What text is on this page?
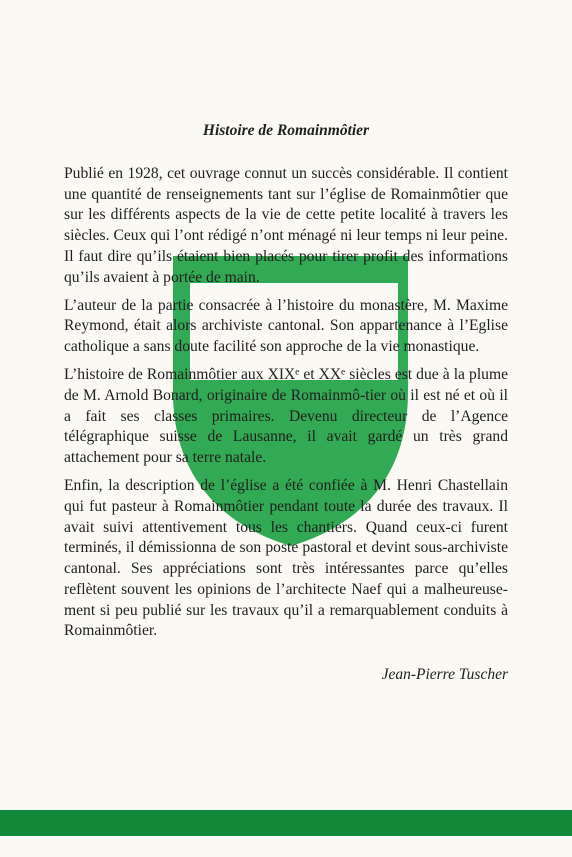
Histoire de Romainmôtier

Publié en 1928, cet ouvrage connut un succès considérable. Il contient une quantité de renseignements tant sur l’église de Romainmôtier que sur les différents aspects de la vie de cette petite localité à travers les siècles. Ceux qui l’ont rédigé n’ont ménagé ni leur temps ni leur peine. Il faut dire qu’ils étaient bien placés pour tirer profit des informations qu’ils avaient à portée de main.

L’auteur de la partie consacrée à l’histoire du monastère, M. Maxime Reymond, était alors archiviste cantonal. Son appartenance à l’Eglise catholique a sans doute facilité son approche de la vie monastique.

L’histoire de Romainmôtier aux XIXᵉ et XXᵉ siècles est due à la plume de M. Arnold Bonard, originaire de Romainmô-tier où il est né et où il a fait ses classes primaires. Devenu directeur de l’Agence télégraphique suisse de Lausanne, il avait gardé un très grand attachement pour sa terre natale.

Enfin, la description de l’église a été confiée à M. Henri Chastellain qui fut pasteur à Romainmôtier pendant toute la durée des travaux. Il avait suivi attentivement tous les chantiers. Quand ceux-ci furent terminés, il démissionna de son poste pastoral et devint sous-archiviste cantonal. Ses appréciations sont très intéressantes parce qu’elles reflètent souvent les opinions de l’architecte Naef qui a malheureuse-ment si peu publié sur les travaux qu’il a remarquablement conduits à Romainmôtier.

Jean-Pierre Tuscher
